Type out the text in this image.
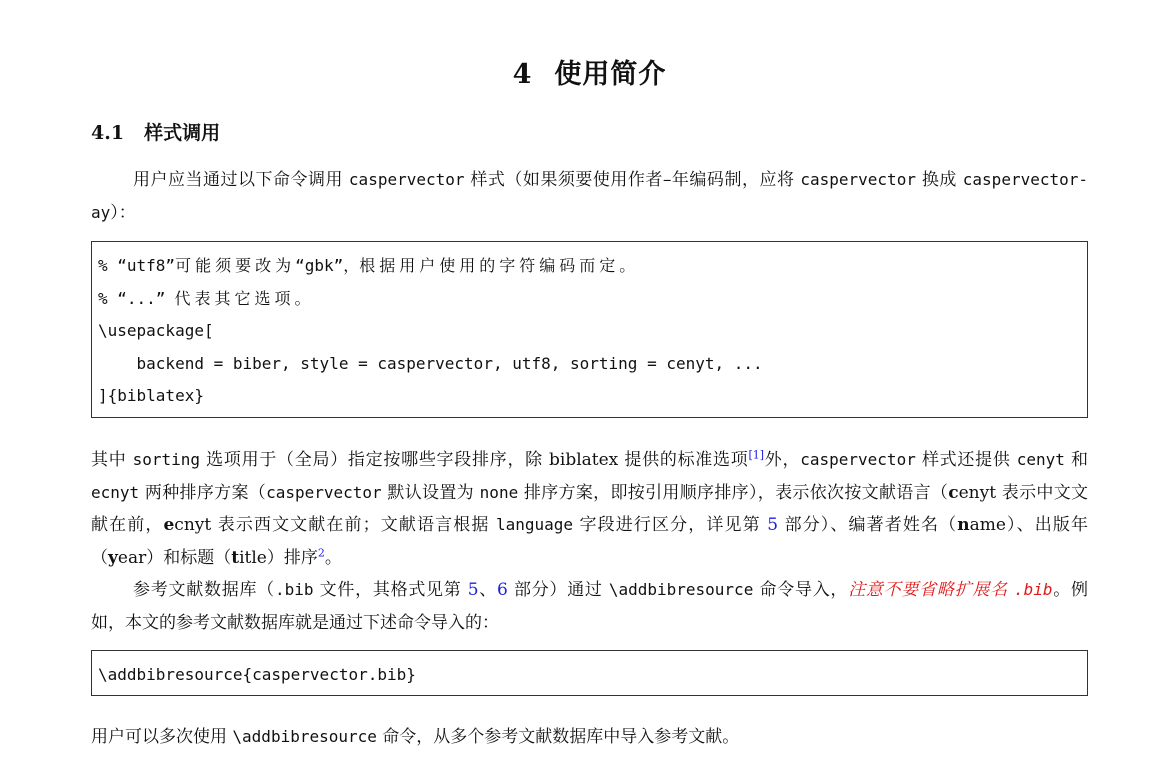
4 使用简介
4.1 样式调用
用户应当通过以下命令调用 caspervector 样式（如果须要使用作者–年编码制，应将 caspervector 换成 caspervector-ay）：
% “utf8”可能须要改为“gbk”，根据用户使用的字符编码而定。
% “...” 代表其它选项。
\usepackage[
backend = biber, style = caspervector, utf8, sorting = cenyt, ...
]{biblatex}
其中 sorting 选项用于（全局）指定按哪些字段排序，除 biblatex 提供的标准选项[1]外，caspervector 样式还提供 cenyt 和 ecnyt 两种排序方案（caspervector 默认设置为 none 排序方案，即按引用顺序排序），表示依次按文献语言（cenyt 表示中文文献在前，ecnyt 表示西文文献在前；文献语言根据 language 字段进行区分，详见第 5 部分）、编著者姓名（name）、出版年（year）和标题（title）排序$^2$。
参考文献数据库（.bib 文件，其格式见第 5、6 部分）通过 \addbibresource 命令导入，注意不要省略扩展名 .bib。例如，本文的参考文献数据库就是通过下述命令导入的：
\addbibresource{caspervector.bib}
用户可以多次使用 \addbibresource 命令，从多个参考文献数据库中导入参考文献。
